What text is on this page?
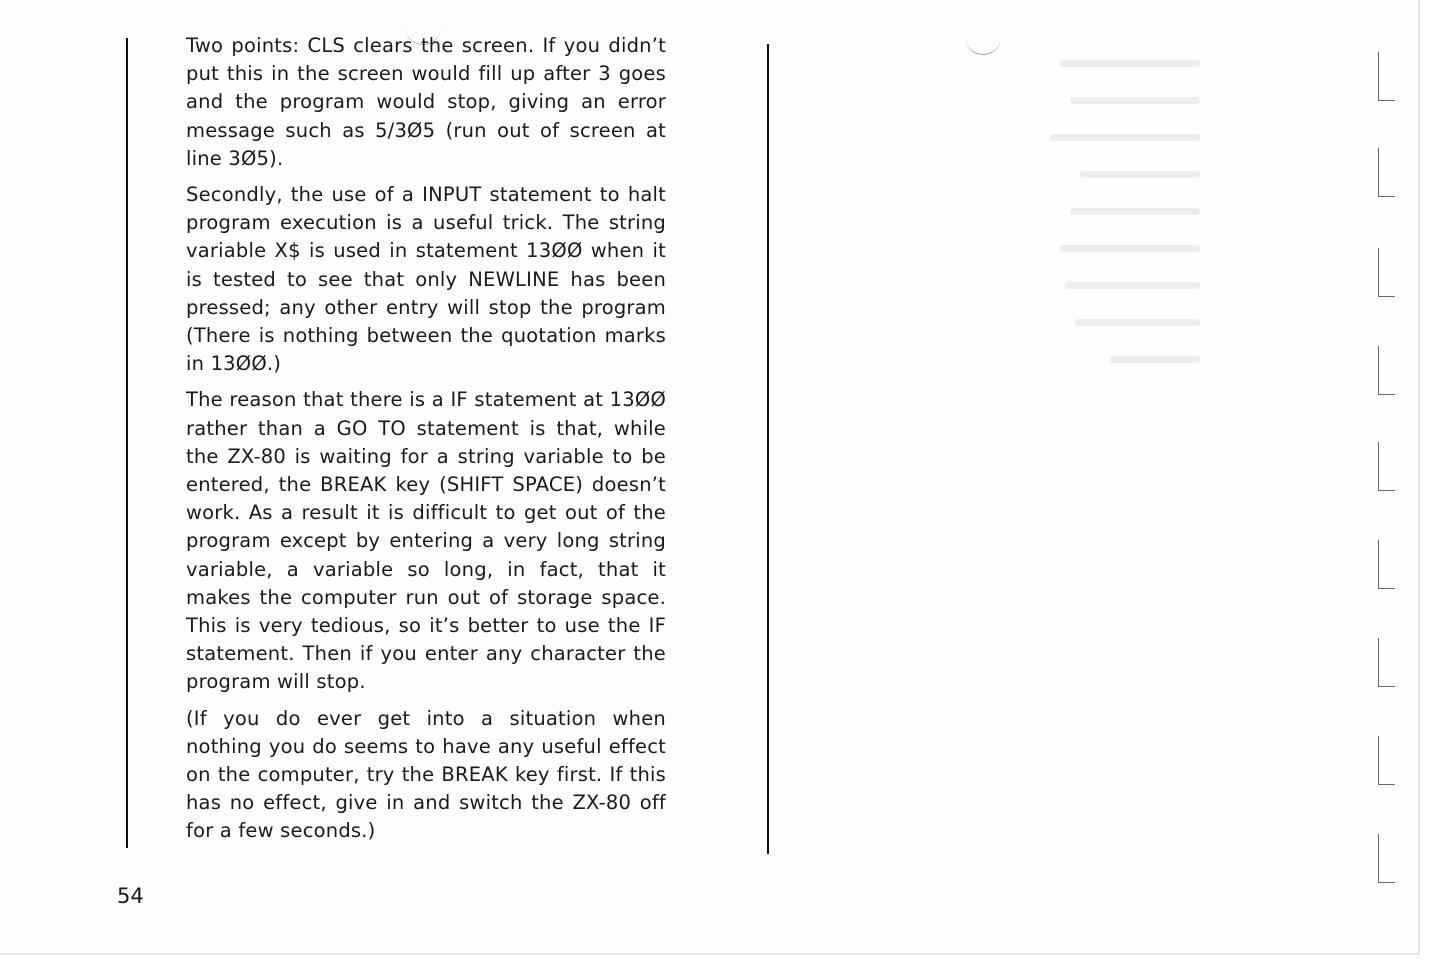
Two points: CLS clears the screen. If you didn’t put this in the screen would fill up after 3 goes and the program would stop, giving an error message such as 5/3Ø5 (run out of screen at line 3Ø5).

Secondly, the use of a INPUT statement to halt program execution is a useful trick. The string variable X$ is used in statement 13ØØ when it is tested to see that only NEWLINE has been pressed; any other entry will stop the program (There is nothing between the quotation marks in 13ØØ.)

The reason that there is a IF statement at 13ØØ rather than a GO TO statement is that, while the ZX-80 is waiting for a string variable to be entered, the BREAK key (SHIFT SPACE) doesn’t work. As a result it is difficult to get out of the program except by entering a very long string variable, a variable so long, in fact, that it makes the computer run out of storage space. This is very tedious, so it’s better to use the IF statement. Then if you enter any character the program will stop.

(If you do ever get into a situation when nothing you do seems to have any useful effect on the computer, try the BREAK key first. If this has no effect, give in and switch the ZX-80 off for a few seconds.)

54
